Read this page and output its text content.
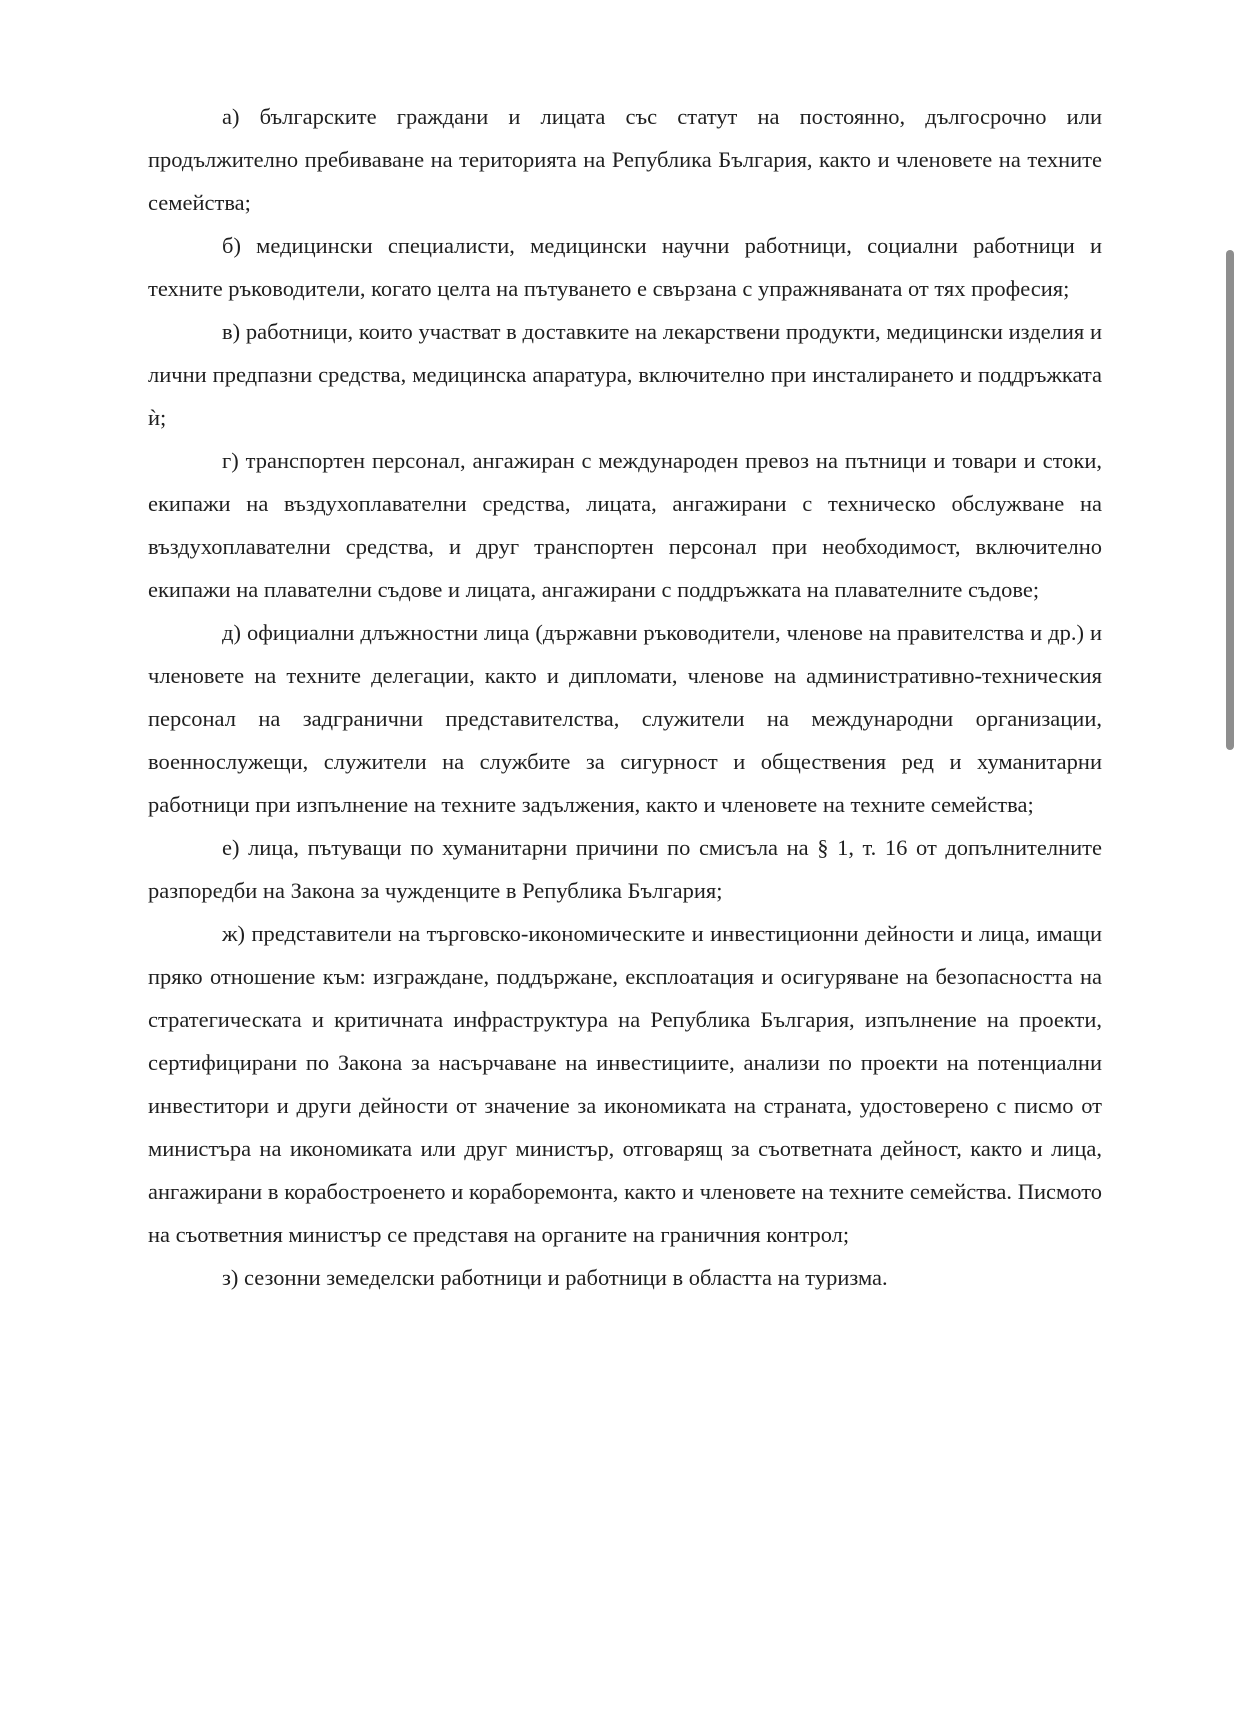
а) българските граждани и лицата със статут на постоянно, дългосрочно или продължително пребиваване на територията на Република България, както и членовете на техните семейства;

б) медицински специалисти, медицински научни работници, социални работници и техните ръководители, когато целта на пътуването е свързана с упражняваната от тях професия;

в) работници, които участват в доставките на лекарствени продукти, медицински изделия и лични предпазни средства, медицинска апаратура, включително при инсталирането и поддръжката ѝ;

г) транспортен персонал, ангажиран с международен превоз на пътници и товари и стоки, екипажи на въздухоплавателни средства, лицата, ангажирани с техническо обслужване на въздухоплавателни средства, и друг транспортен персонал при необходимост, включително екипажи на плавателни съдове и лицата, ангажирани с поддръжката на плавателните съдове;

д) официални длъжностни лица (държавни ръководители, членове на правителства и др.) и членовете на техните делегации, както и дипломати, членове на административно-техническия персонал на задгранични представителства, служители на международни организации, военнослужещи, служители на службите за сигурност и обществения ред и хуманитарни работници при изпълнение на техните задължения, както и членовете на техните семейства;

е) лица, пътуващи по хуманитарни причини по смисъла на § 1, т. 16 от допълнителните разпоредби на Закона за чужденците в Република България;

ж) представители на търговско-икономическите и инвестиционни дейности и лица, имащи пряко отношение към: изграждане, поддържане, експлоатация и осигуряване на безопасността на стратегическата и критичната инфраструктура на Република България, изпълнение на проекти, сертифицирани по Закона за насърчаване на инвестициите, анализи по проекти на потенциални инвеститори и други дейности от значение за икономиката на страната, удостоверено с писмо от министъра на икономиката или друг министър, отговарящ за съответната дейност, както и лица, ангажирани в корабостроенето и кораборемонта, както и членовете на техните семейства. Писмото на съответния министър се представя на органите на граничния контрол;

з) сезонни земеделски работници и работници в областта на туризма.
